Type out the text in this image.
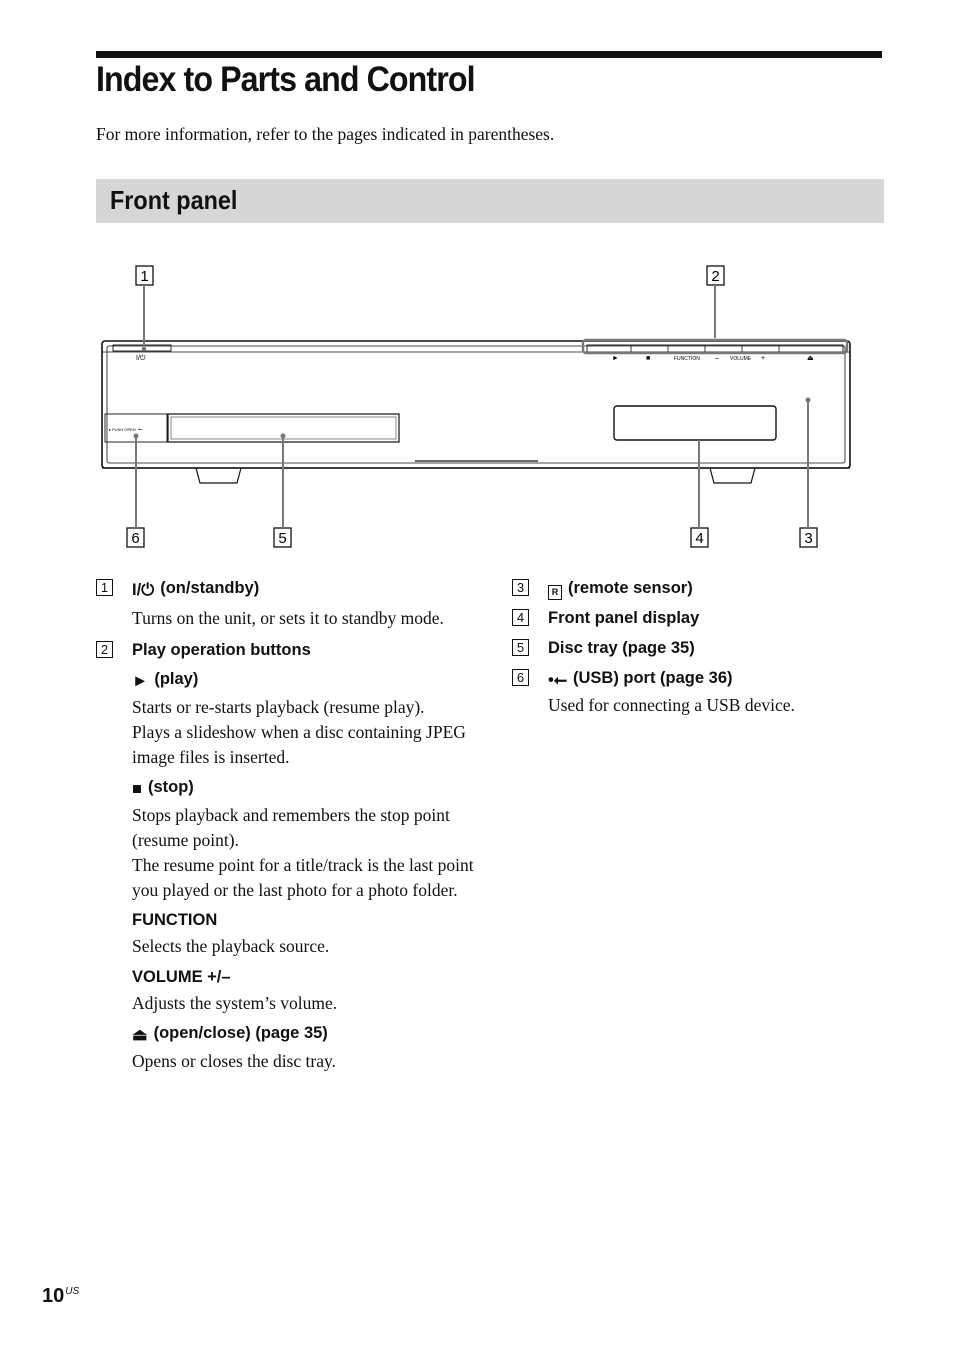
Index to Parts and Control
For more information, refer to the pages indicated in parentheses.
Front panel
1	2
6	5	4	3
I/⏻	►	■	FUNCTION – VOLUME +	⏏
▸ PUSH OPEN ⭠
1 I/⏻ (on/standby)
Turns on the unit, or sets it to standby mode.
2 Play operation buttons
► (play)
Starts or re-starts playback (resume play).
Plays a slideshow when a disc containing JPEG image files is inserted.
■ (stop)
Stops playback and remembers the stop point (resume point).
The resume point for a title/track is the last point you played or the last photo for a photo folder.
FUNCTION
Selects the playback source.
VOLUME +/–
Adjusts the system’s volume.
⏏ (open/close) (page 35)
Opens or closes the disc tray.
3	R (remote sensor)
4 Front panel display
5 Disc tray (page 35)
6 •⭠ (USB) port (page 36)
Used for connecting a USB device.
$10^{US}$
